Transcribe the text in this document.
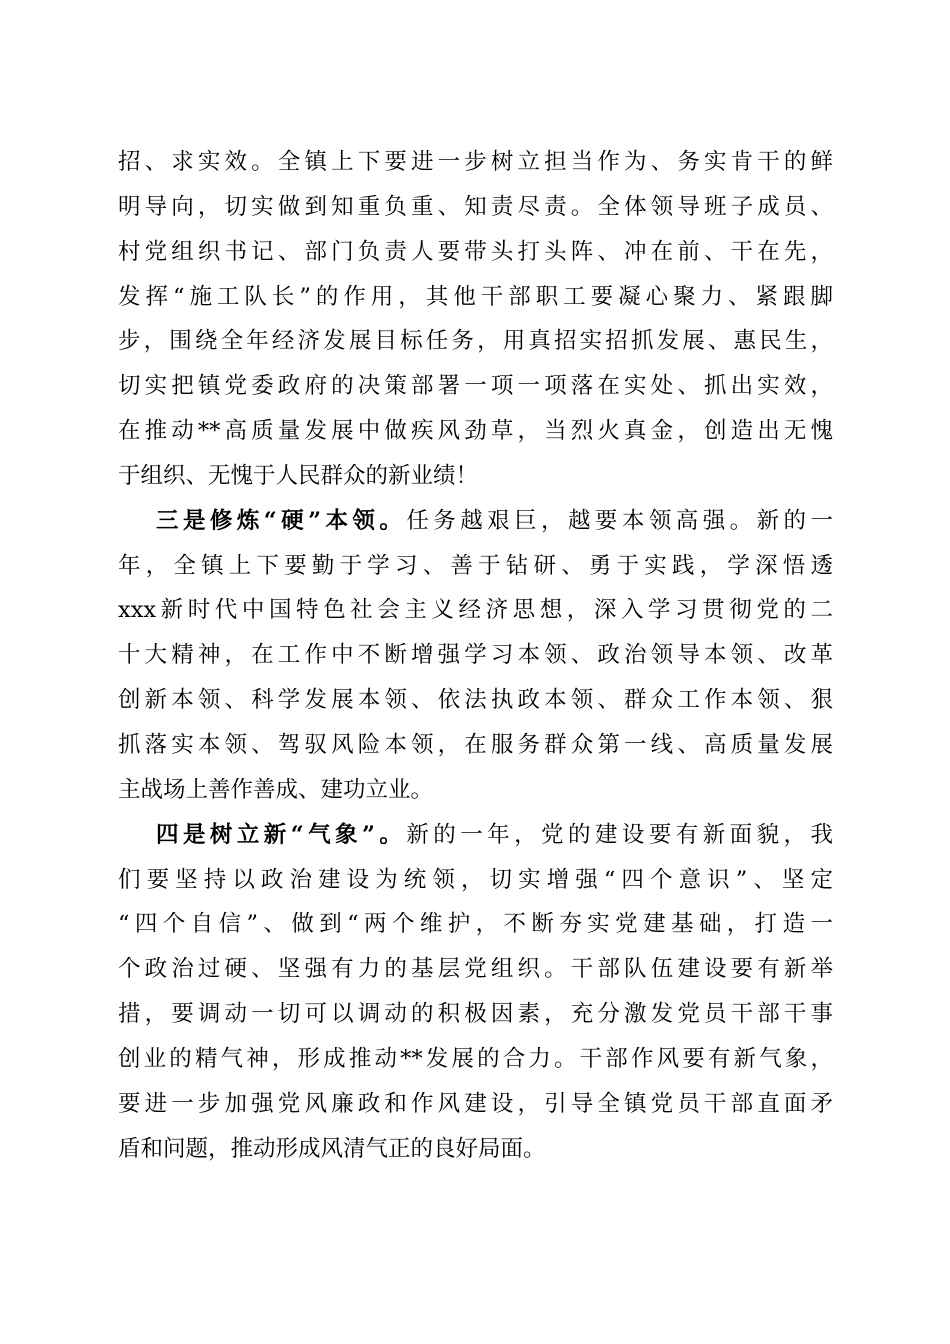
招、求实效。全镇上下要进一步树立担当作为、务实肯干的鲜
明导向，切实做到知重负重、知责尽责。全体领导班子成员、
村党组织书记、部门负责人要带头打头阵、冲在前、干在先，
发挥“施工队长”的作用，其他干部职工要凝心聚力、紧跟脚
步，围绕全年经济发展目标任务，用真招实招抓发展、惠民生，
切实把镇党委政府的决策部署一项一项落在实处、抓出实效，
在推动**高质量发展中做疾风劲草，当烈火真金，创造出无愧
于组织、无愧于人民群众的新业绩！
三是修炼“硬”本领。任务越艰巨，越要本领高强。新的一
年，全镇上下要勤于学习、善于钻研、勇于实践，学深悟透
xxx新时代中国特色社会主义经济思想，深入学习贯彻党的二
十大精神，在工作中不断增强学习本领、政治领导本领、改革
创新本领、科学发展本领、依法执政本领、群众工作本领、狠
抓落实本领、驾驭风险本领，在服务群众第一线、高质量发展
主战场上善作善成、建功立业。
四是树立新“气象”。新的一年，党的建设要有新面貌，我
们要坚持以政治建设为统领，切实增强“四个意识”、坚定
“四个自信”、做到“两个维护，不断夯实党建基础，打造一
个政治过硬、坚强有力的基层党组织。干部队伍建设要有新举
措，要调动一切可以调动的积极因素，充分激发党员干部干事
创业的精气神，形成推动**发展的合力。干部作风要有新气象，
要进一步加强党风廉政和作风建设，引导全镇党员干部直面矛
盾和问题，推动形成风清气正的良好局面。
